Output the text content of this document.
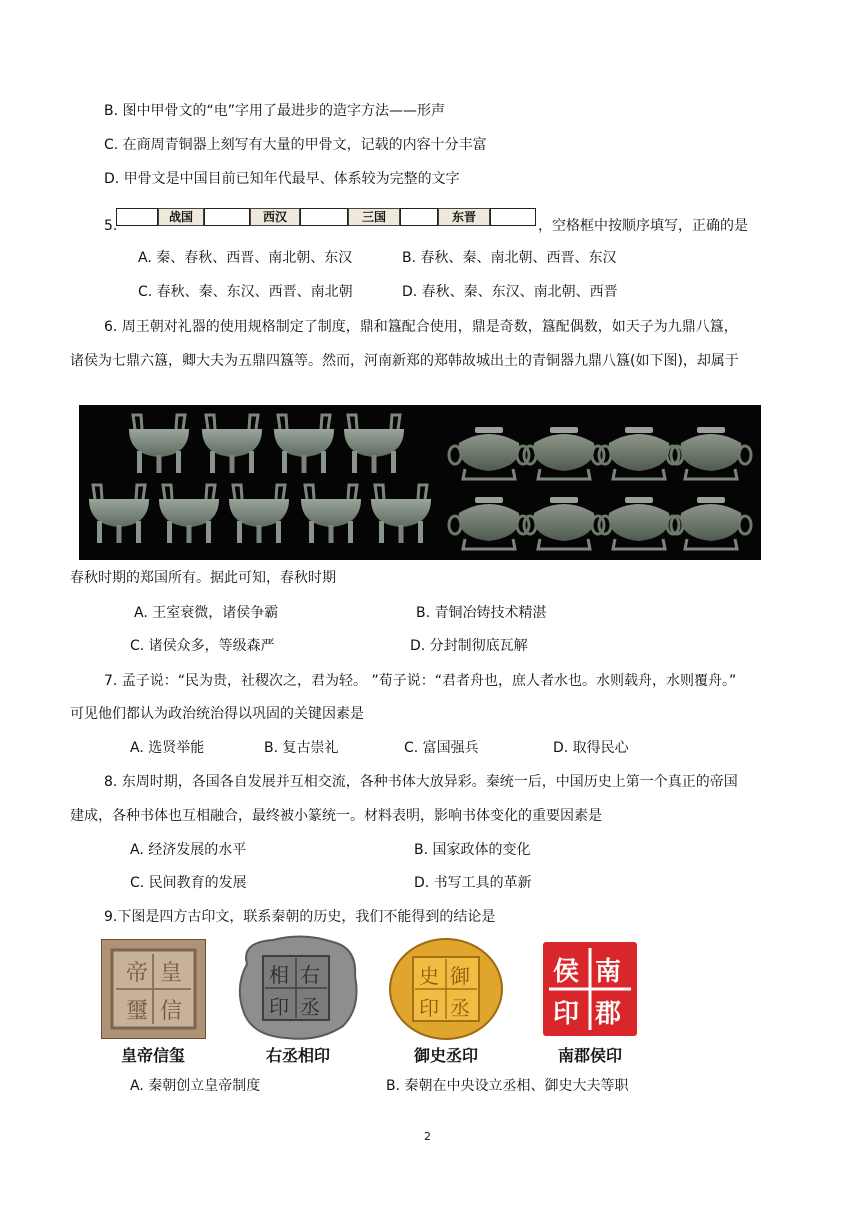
B. 图中甲骨文的“电”字用了最进步的造字方法——形声
C. 在商周青铜器上刻写有大量的甲骨文，记载的内容十分丰富
D. 甲骨文是中国目前已知年代最早、体系较为完整的文字
5.
战国	西汉	三国	东晋
，空格框中按顺序填写，正确的是
A. 秦、春秋、西晋、南北朝、东汉	B. 春秋、秦、南北朝、西晋、东汉
C. 春秋、秦、东汉、西晋、南北朝	D. 春秋、秦、东汉、南北朝、西晋
6. 周王朝对礼器的使用规格制定了制度，鼎和簋配合使用，鼎是奇数，簋配偶数，如天子为九鼎八簋，
诸侯为七鼎六簋，卿大夫为五鼎四簋等。然而，河南新郑的郑韩故城出土的青铜器九鼎八簋(如下图)，却属于
春秋时期的郑国所有。据此可知，春秋时期
A. 王室衰微，诸侯争霸	B. 青铜冶铸技术精湛
C. 诸侯众多，等级森严	D. 分封制彻底瓦解
7. 孟子说：“民为贵，社稷次之，君为轻。 ”荀子说：“君者舟也，庶人者水也。水则载舟，水则覆舟。”
可见他们都认为政治统治得以巩固的关键因素是
A. 选贤举能	B. 复古崇礼	C. 富国强兵	D. 取得民心
8. 东周时期，各国各自发展并互相交流，各种书体大放异彩。秦统一后，中国历史上第一个真正的帝国
建成，各种书体也互相融合，最终被小篆统一。材料表明，影响书体变化的重要因素是
A. 经济发展的水平	B. 国家政体的变化
C. 民间教育的发展	D. 书写工具的革新
9.下图是四方古印文，联系秦朝的历史，我们不能得到的结论是
帝 皇
璽 信
相 右
印 丞
史 御
印 丞
侯 南
印 郡
皇帝信玺	右丞相印	御史丞印	南郡侯印
A. 秦朝创立皇帝制度	B. 秦朝在中央设立丞相、御史大夫等职
2
